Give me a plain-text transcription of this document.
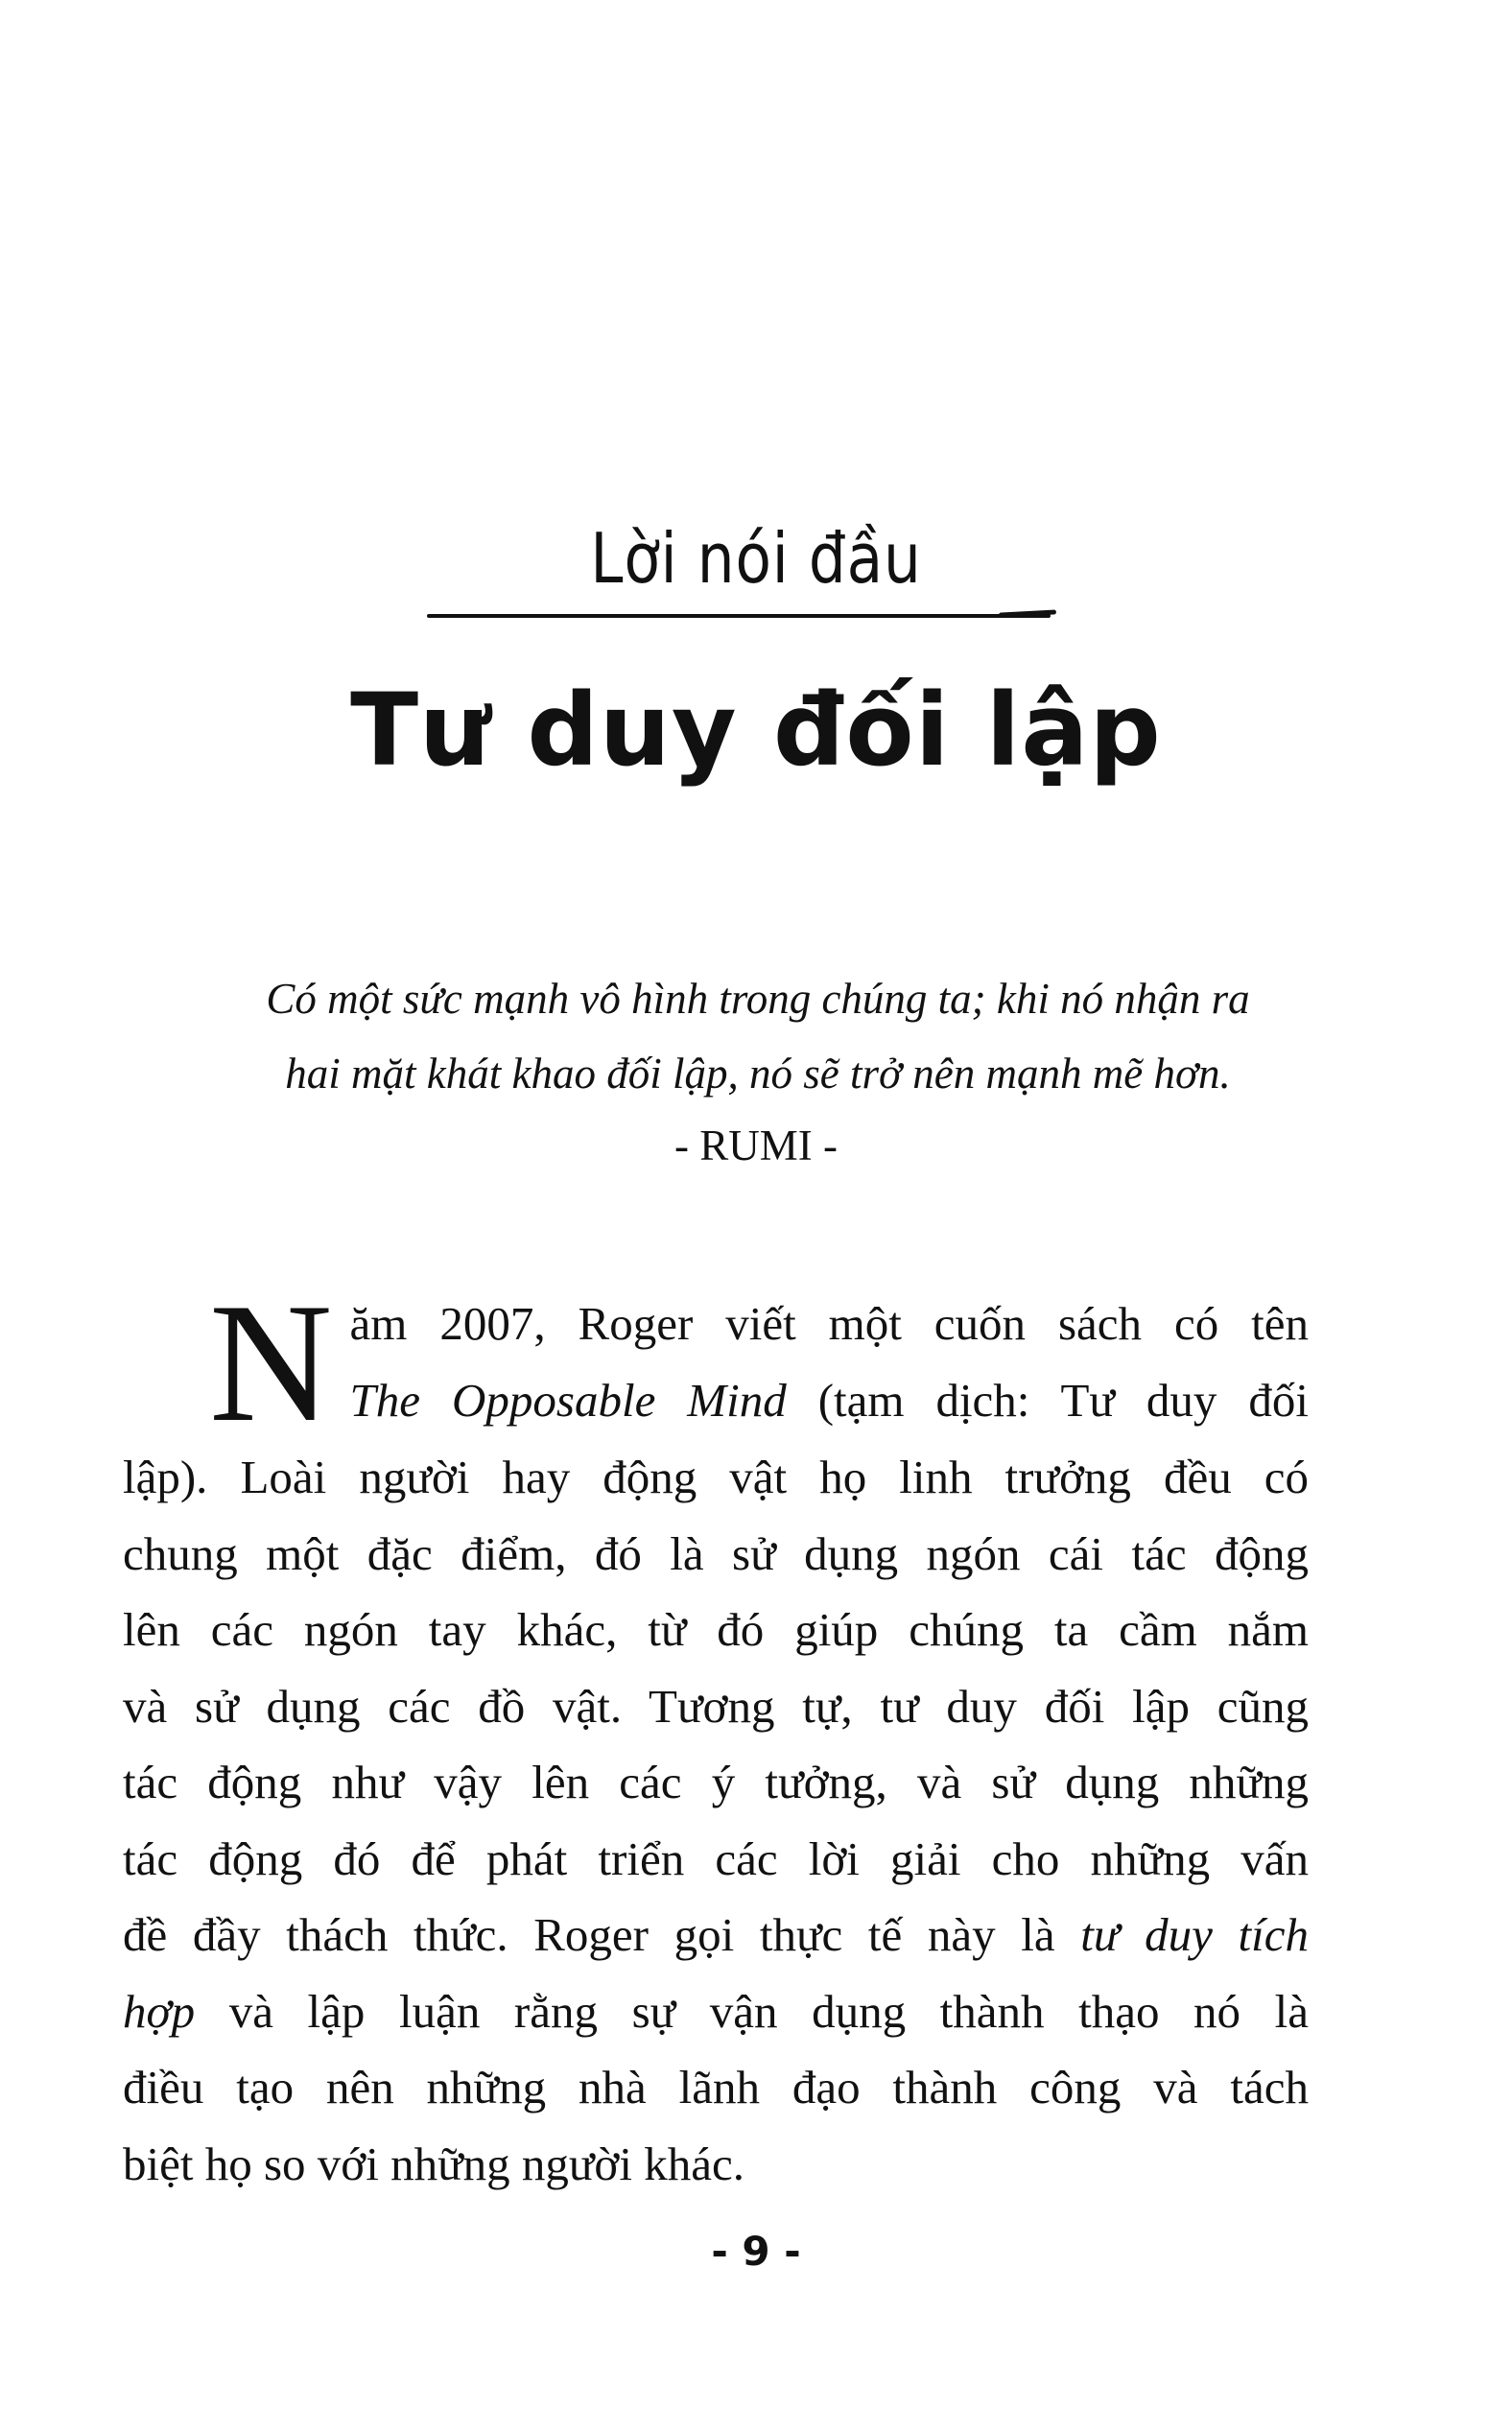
Lời nói đầu
Tư duy đối lập
Có một sức mạnh vô hình trong chúng ta; khi nó nhận ra
hai mặt khát khao đối lập, nó sẽ trở nên mạnh mẽ hơn.
- RUMI -
N ăm 2007, Roger viết một cuốn sách có tên
The Opposable Mind (tạm dịch: Tư duy đối
lập). Loài người hay động vật họ linh trưởng đều có
chung một đặc điểm, đó là sử dụng ngón cái tác động
lên các ngón tay khác, từ đó giúp chúng ta cầm nắm
và sử dụng các đồ vật. Tương tự, tư duy đối lập cũng
tác động như vậy lên các ý tưởng, và sử dụng những
tác động đó để phát triển các lời giải cho những vấn
đề đầy thách thức. Roger gọi thực tế này là tư duy tích
hợp và lập luận rằng sự vận dụng thành thạo nó là
điều tạo nên những nhà lãnh đạo thành công và tách
biệt họ so với những người khác.
- 9 -
